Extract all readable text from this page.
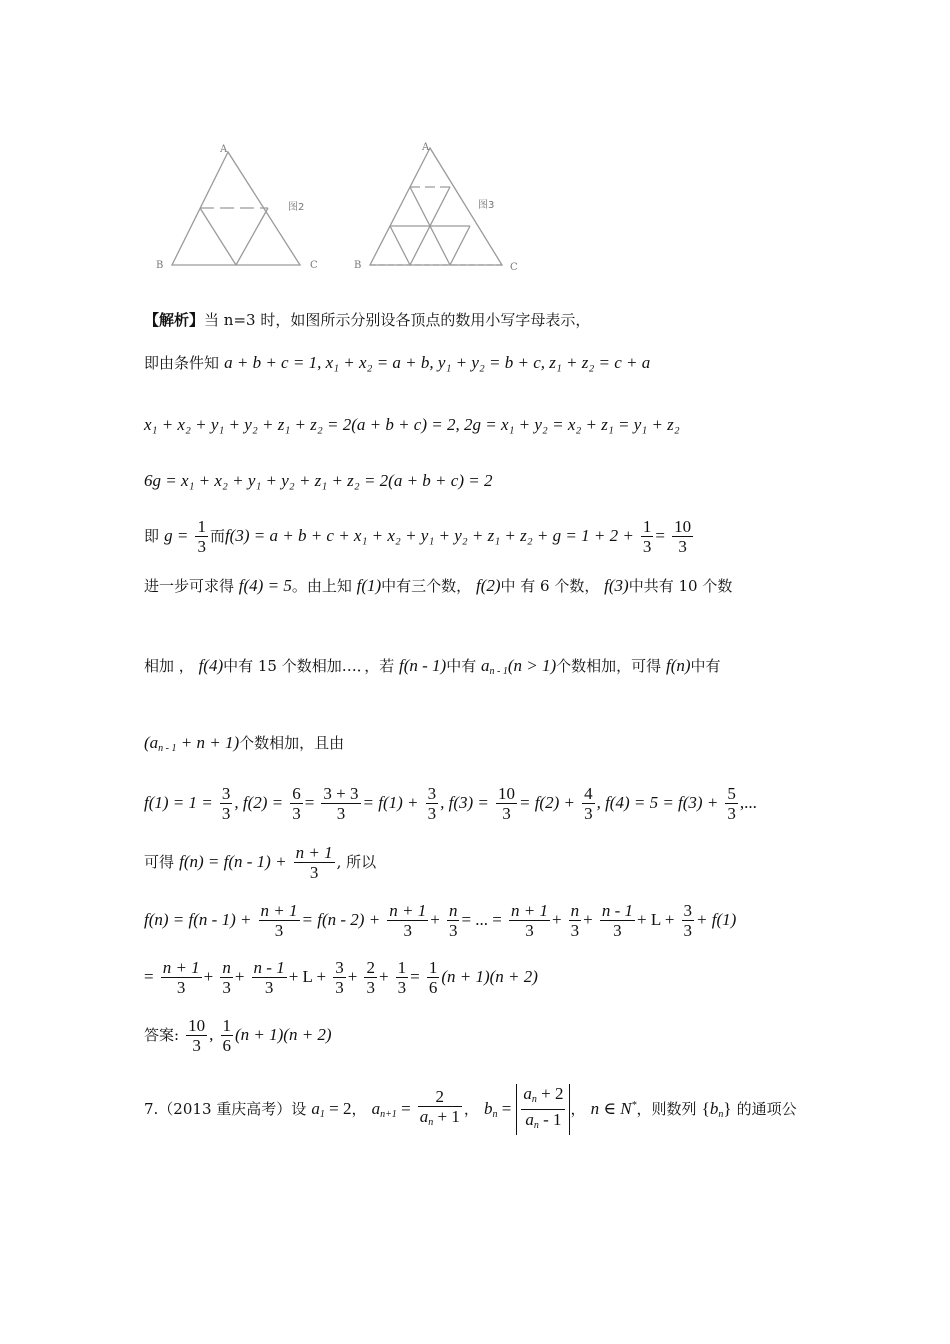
A
B	C
图2
A
B	C
图3
【解析】当 n=3 时，如图所示分别设各顶点的数用小写字母表示，
即由条件知 a + b + c = 1, x₁ + x₂ = a + b, y₁ + y₂ = b + c, z₁ + z₂ = c + a
x₁ + x₂ + y₁ + y₂ + z₁ + z₂ = 2(a + b + c) = 2, 2g = x₁ + y₂ = x₂ + z₁ = y₁ + z₂
6g = x₁ + x₂ + y₁ + y₂ + z₁ + z₂ = 2(a + b + c) = 2
即 $g = \frac{1}{3}$ 而$f(3) = a + b + c + x_1 + x_2 + y_1 + y_2 + z_1 + z_2 + g = 1 + 2 + \frac{1}{3} = \frac{10}{3}$
进一步可求得 f(4) = 5。由上知 f(1)中有三个数， f(2)中 有 6 个数， f(3)中共有 10 个数
相加 ， f(4)中有 15 个数相加…．，若 f(n - 1)中有 $a_{n - 1}(n > 1)$个数相加，可得 f(n)中有
$(a_{n - 1} + n + 1)$个数相加，且由
$f(1) = 1 = \frac{3}{3}$ , $f(2) = \frac{6}{3} = \frac{3 + 3}{3} = f(1) + \frac{3}{3}$ , $f(3) = \frac{10}{3} = f(2) + \frac{4}{3}$ , $f(4) = 5 = f(3) + \frac{5}{3}$ ,...
可得 $f(n) = f(n - 1) + \frac{n + 1}{3}$ , 所以
$f(n) = f(n - 1) + \frac{n + 1}{3} = f(n - 2) + \frac{n + 1}{3} + \frac{n}{3}$ = ... = $\frac{n + 1}{3} + \frac{n}{3} + \frac{n - 1}{3} + L + \frac{3}{3} + f(1)$
= $\frac{n + 1}{3} + \frac{n}{3} + \frac{n - 1}{3} + L + \frac{3}{3} + \frac{2}{3} + \frac{1}{3} = \frac{1}{6} (n + 1)(n + 2)$
答案: $\frac{10}{3}$ , $\frac{1}{6} (n + 1)(n + 2)$
7.（2013 重庆高考）设 $a_1 = 2$， $a_{n+1} = \frac{2}{a_n + 1}$ ， $b_n = \frac{a_n + 2}{a_n - 1}$ ， n ∈ N*，则数列 $\{b_n\}$ 的通项公
